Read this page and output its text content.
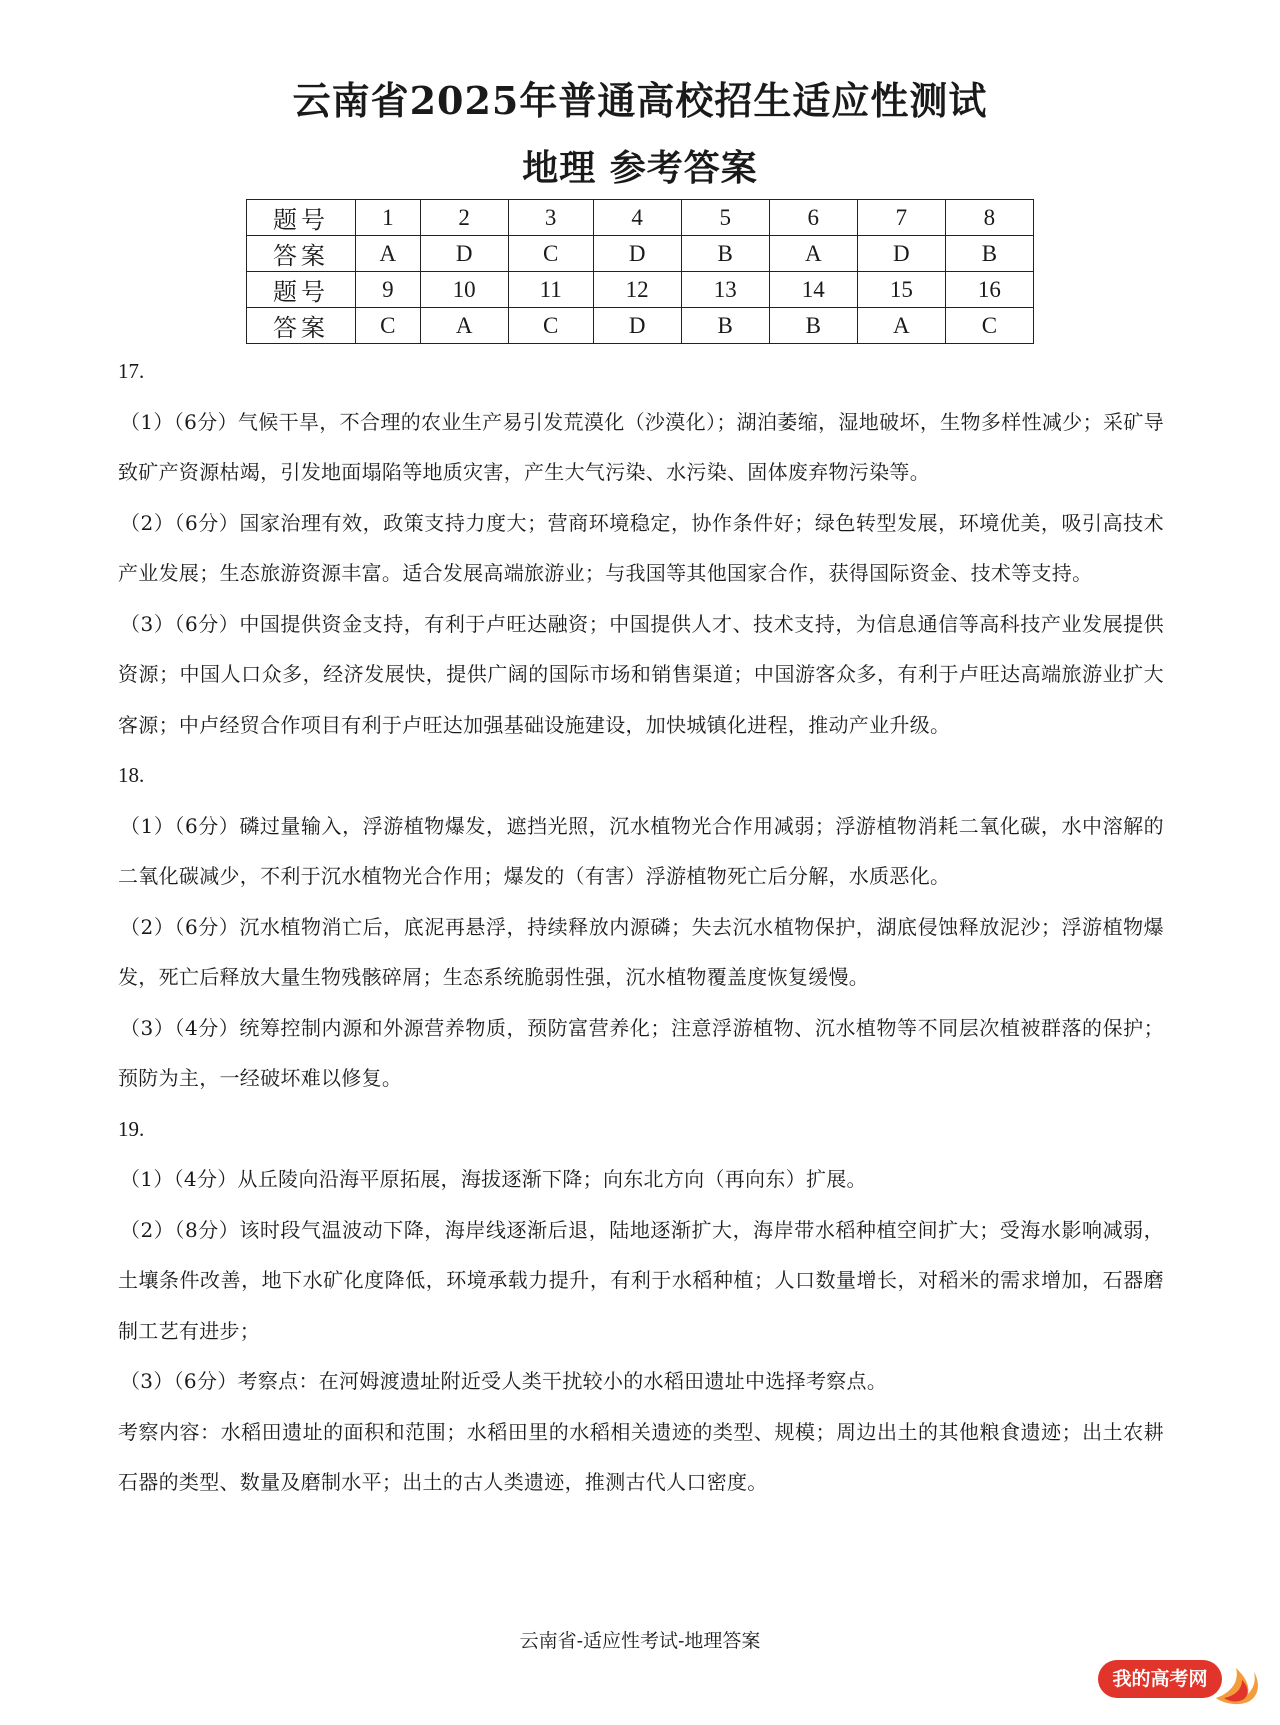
云南省2025年普通高校招生适应性测试
地理 参考答案
题号	1	2	3	4	5	6	7	8
答案	A	D	C	D	B	A	D	B
题号	9	10	11	12	13	14	15	16
答案	C	A	C	D	B	B	A	C

17.

（1）（6分）气候干旱，不合理的农业生产易引发荒漠化（沙漠化）；湖泊萎缩，湿地破坏，生物多样性减少；采矿导致矿产资源枯竭，引发地面塌陷等地质灾害，产生大气污染、水污染、固体废弃物污染等。

（2）（6分）国家治理有效，政策支持力度大；营商环境稳定，协作条件好；绿色转型发展，环境优美，吸引高技术产业发展；生态旅游资源丰富。适合发展高端旅游业；与我国等其他国家合作，获得国际资金、技术等支持。

（3）（6分）中国提供资金支持，有利于卢旺达融资；中国提供人才、技术支持，为信息通信等高科技产业发展提供资源；中国人口众多，经济发展快，提供广阔的国际市场和销售渠道；中国游客众多，有利于卢旺达高端旅游业扩大客源；中卢经贸合作项目有利于卢旺达加强基础设施建设，加快城镇化进程，推动产业升级。

18.

（1）（6分）磷过量输入，浮游植物爆发，遮挡光照，沉水植物光合作用减弱；浮游植物消耗二氧化碳，水中溶解的二氧化碳减少，不利于沉水植物光合作用；爆发的（有害）浮游植物死亡后分解，水质恶化。

（2）（6分）沉水植物消亡后，底泥再悬浮，持续释放内源磷；失去沉水植物保护，湖底侵蚀释放泥沙；浮游植物爆发，死亡后释放大量生物残骸碎屑；生态系统脆弱性强，沉水植物覆盖度恢复缓慢。

（3）（4分）统筹控制内源和外源营养物质，预防富营养化；注意浮游植物、沉水植物等不同层次植被群落的保护；预防为主，一经破坏难以修复。

19.

（1）（4分）从丘陵向沿海平原拓展，海拔逐渐下降；向东北方向（再向东）扩展。

（2）（8分）该时段气温波动下降，海岸线逐渐后退，陆地逐渐扩大，海岸带水稻种植空间扩大；受海水影响减弱，土壤条件改善，地下水矿化度降低，环境承载力提升，有利于水稻种植；人口数量增长，对稻米的需求增加，石器磨制工艺有进步；

（3）（6分）考察点：在河姆渡遗址附近受人类干扰较小的水稻田遗址中选择考察点。

考察内容：水稻田遗址的面积和范围；水稻田里的水稻相关遗迹的类型、规模；周边出土的其他粮食遗迹；出土农耕石器的类型、数量及磨制水平；出土的古人类遗迹，推测古代人口密度。

云南省-适应性考试-地理答案

我的高考网
